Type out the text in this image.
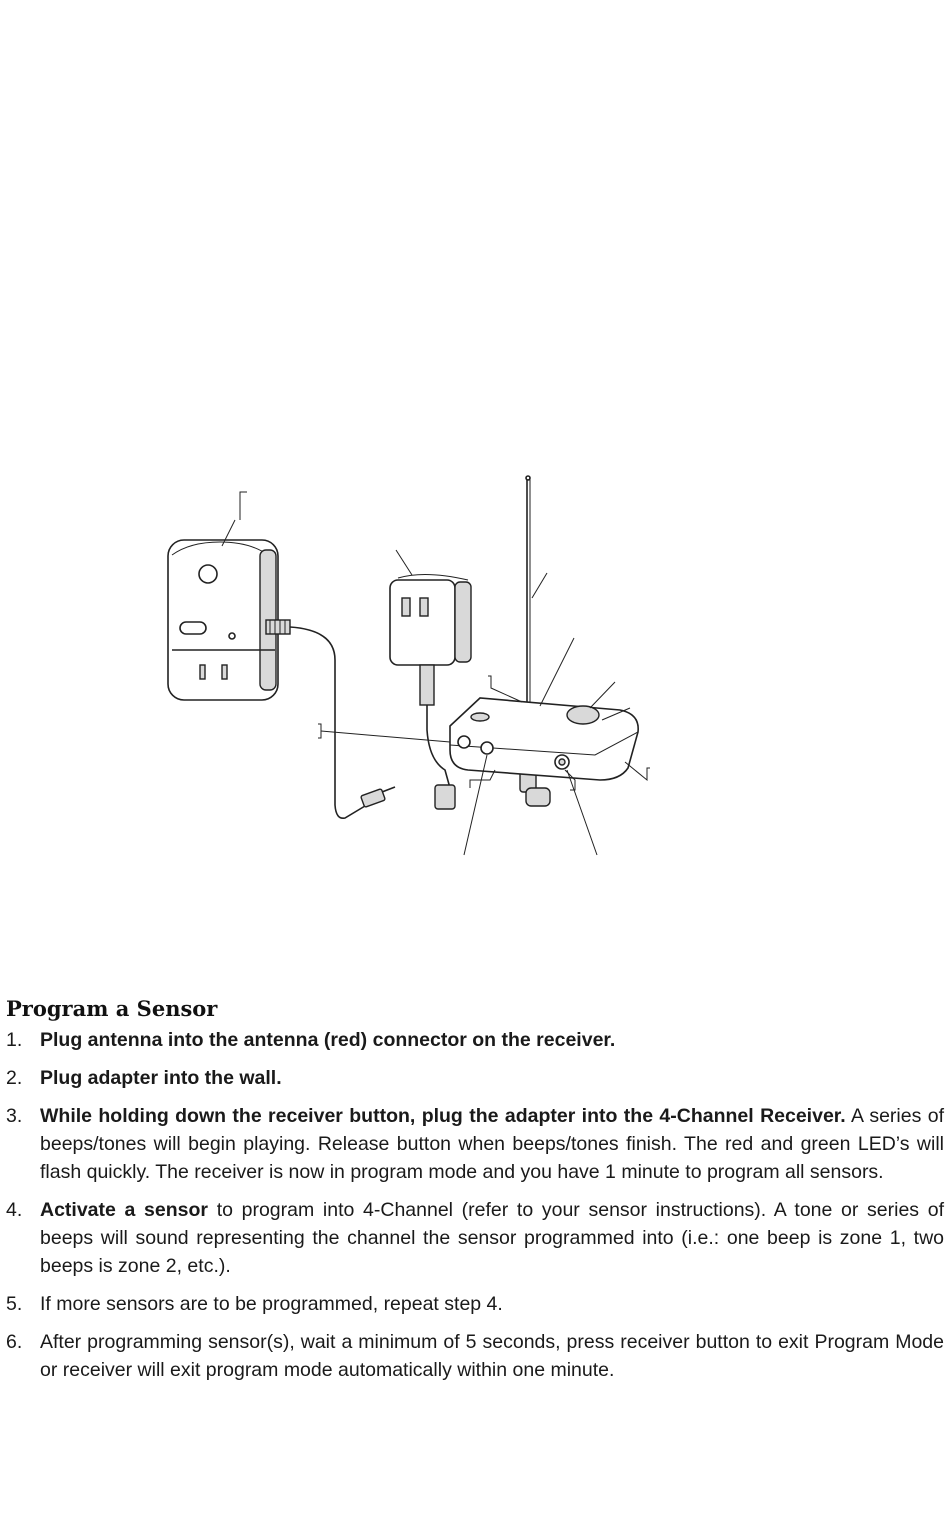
Program a Sensor
1. Plug antenna into the antenna (red) connector on the receiver.
2. Plug adapter into the wall.
3. While holding down the receiver button, plug the adapter into the 4-Channel Receiver. A series of beeps/tones will begin playing. Release button when beeps/tones finish. The red and green LED’s will flash quickly. The receiver is now in program mode and you have 1 minute to program all sensors.
4. Activate a sensor to program into 4-Channel (refer to your sensor instructions). A tone or series of beeps will sound representing the channel the sensor programmed into (i.e.: one beep is zone 1, two beeps is zone 2, etc.).
5. If more sensors are to be programmed, repeat step 4.
6. After programming sensor(s), wait a minimum of 5 seconds, press receiver button to exit Program Mode or receiver will exit program mode automatically within one minute.
